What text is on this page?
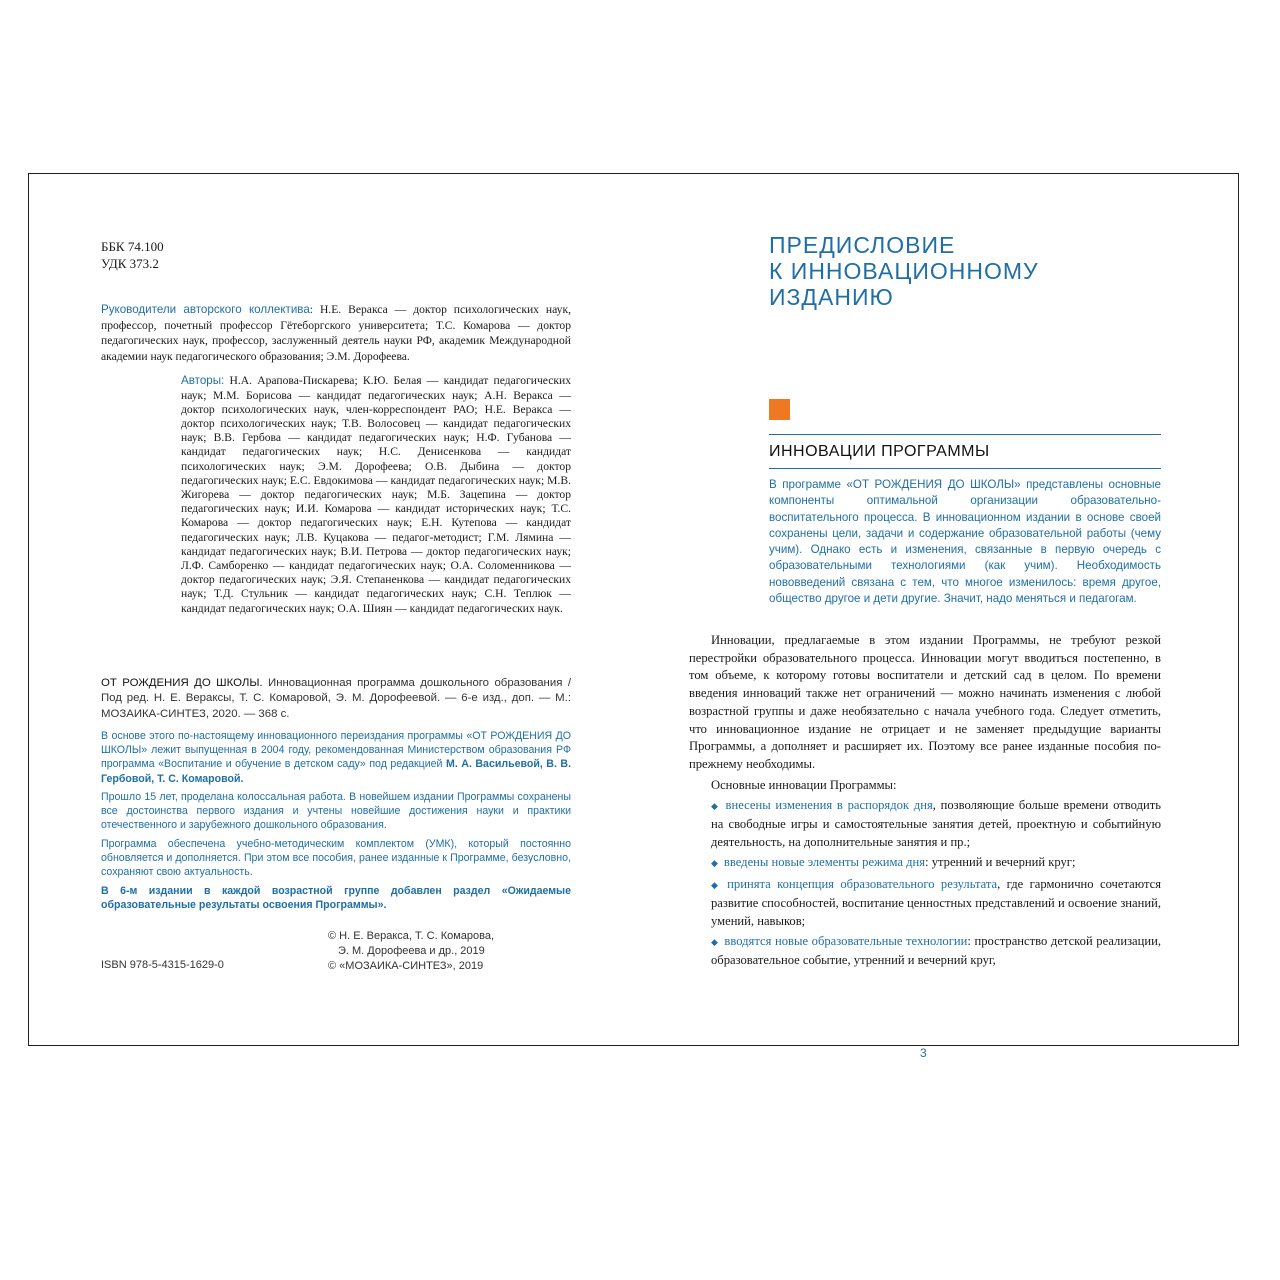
ББК 74.100
УДК 373.2
Руководители авторского коллектива: Н.Е. Веракса — доктор психологических наук, профессор, почетный профессор Гётеборгского университета; Т.С. Комарова — доктор педагогических наук, профессор, заслуженный деятель науки РФ, академик Международной академии наук педагогического образования; Э.М. Дорофеева.
Авторы: Н.А. Арапова-Пискарева; К.Ю. Белая — кандидат педагогических наук; М.М. Борисова — кандидат педагогических наук; А.Н. Веракса — доктор психологических наук, член-корреспондент РАО; Н.Е. Веракса — доктор психологических наук; Т.В. Волосовец — кандидат педагогических наук; В.В. Гербова — кандидат педагогических наук; Н.Ф. Губанова — кандидат педагогических наук; Н.С. Денисенкова — кандидат психологических наук; Э.М. Дорофеева; О.В. Дыбина — доктор педагогических наук; Е.С. Евдокимова — кандидат педагогических наук; М.В. Жигорева — доктор педагогических наук; М.Б. Зацепина — доктор педагогических наук; И.И. Комарова — кандидат исторических наук; Т.С. Комарова — доктор педагогических наук; Е.Н. Кутепова — кандидат педагогических наук; Л.В. Куцакова — педагог-методист; Г.М. Лямина — кандидат педагогических наук; В.И. Петрова — доктор педагогических наук; Л.Ф. Самборенко — кандидат педагогических наук; О.А. Соломенникова — доктор педагогических наук; Э.Я. Степаненкова — кандидат педагогических наук; Т.Д. Стульник — кандидат педагогических наук; С.Н. Теплюк — кандидат педагогических наук; О.А. Шиян — кандидат педагогических наук.
ОТ РОЖДЕНИЯ ДО ШКОЛЫ. Инновационная программа дошкольного образования / Под ред. Н. Е. Вераксы, Т. С. Комаровой, Э. М. Дорофеевой. — 6-е изд., доп. — М.: МОЗАИКА-СИНТЕЗ, 2020. — 368 с.

В основе этого по-настоящему инновационного переиздания программы «ОТ РОЖДЕНИЯ ДО ШКОЛЫ» лежит выпущенная в 2004 году, рекомендованная Министерством образования РФ программа «Воспитание и обучение в детском саду» под редакцией М. А. Васильевой, В. В. Гербовой, Т. С. Комаровой.

Прошло 15 лет, проделана колоссальная работа. В новейшем издании Программы сохранены все достоинства первого издания и учтены новейшие достижения науки и практики отечественного и зарубежного дошкольного образования.

Программа обеспечена учебно-методическим комплектом (УМК), который постоянно обновляется и дополняется. При этом все пособия, ранее изданные к Программе, безусловно, сохраняют свою актуальность.

В 6-м издании в каждой возрастной группе добавлен раздел «Ожидаемые образовательные результаты освоения Программы».

© Н. Е. Веракса, Т. С. Комарова,
Э. М. Дорофеева и др., 2019
© «МОЗАИКА-СИНТЕЗ», 2019
ISBN 978-5-4315-1629-0
ПРЕДИСЛОВИЕ
К ИННОВАЦИОННОМУ
ИЗДАНИЮ
ИННОВАЦИИ ПРОГРАММЫ
В программе «ОТ РОЖДЕНИЯ ДО ШКОЛЫ» представлены основные компоненты оптимальной организации образовательно-воспитательного процесса. В инновационном издании в основе своей сохранены цели, задачи и содержание образовательной работы (чему учим). Однако есть и изменения, связанные в первую очередь с образовательными технологиями (как учим). Необходимость нововведений связана с тем, что многое изменилось: время другое, общество другое и дети другие. Значит, надо меняться и педагогам.

Инновации, предлагаемые в этом издании Программы, не требуют резкой перестройки образовательного процесса. Инновации могут вводиться постепенно, в том объеме, к которому готовы воспитатели и детский сад в целом. По времени введения инноваций также нет ограничений — можно начинать изменения с любой возрастной группы и даже необязательно с начала учебного года. Следует отметить, что инновационное издание не отрицает и не заменяет предыдущие варианты Программы, а дополняет и расширяет их. Поэтому все ранее изданные пособия по-прежнему необходимы.

Основные инновации Программы:

◆ внесены изменения в распорядок дня, позволяющие больше времени отводить на свободные игры и самостоятельные занятия детей, проектную и событийную деятельность, на дополнительные занятия и пр.;

◆ введены новые элементы режима дня: утренний и вечерний круг;

◆ принята концепция образовательного результата, где гармонично сочетаются развитие способностей, воспитание ценностных представлений и освоение знаний, умений, навыков;

◆ вводятся новые образовательные технологии: пространство детской реализации, образовательное событие, утренний и вечерний круг,

3
